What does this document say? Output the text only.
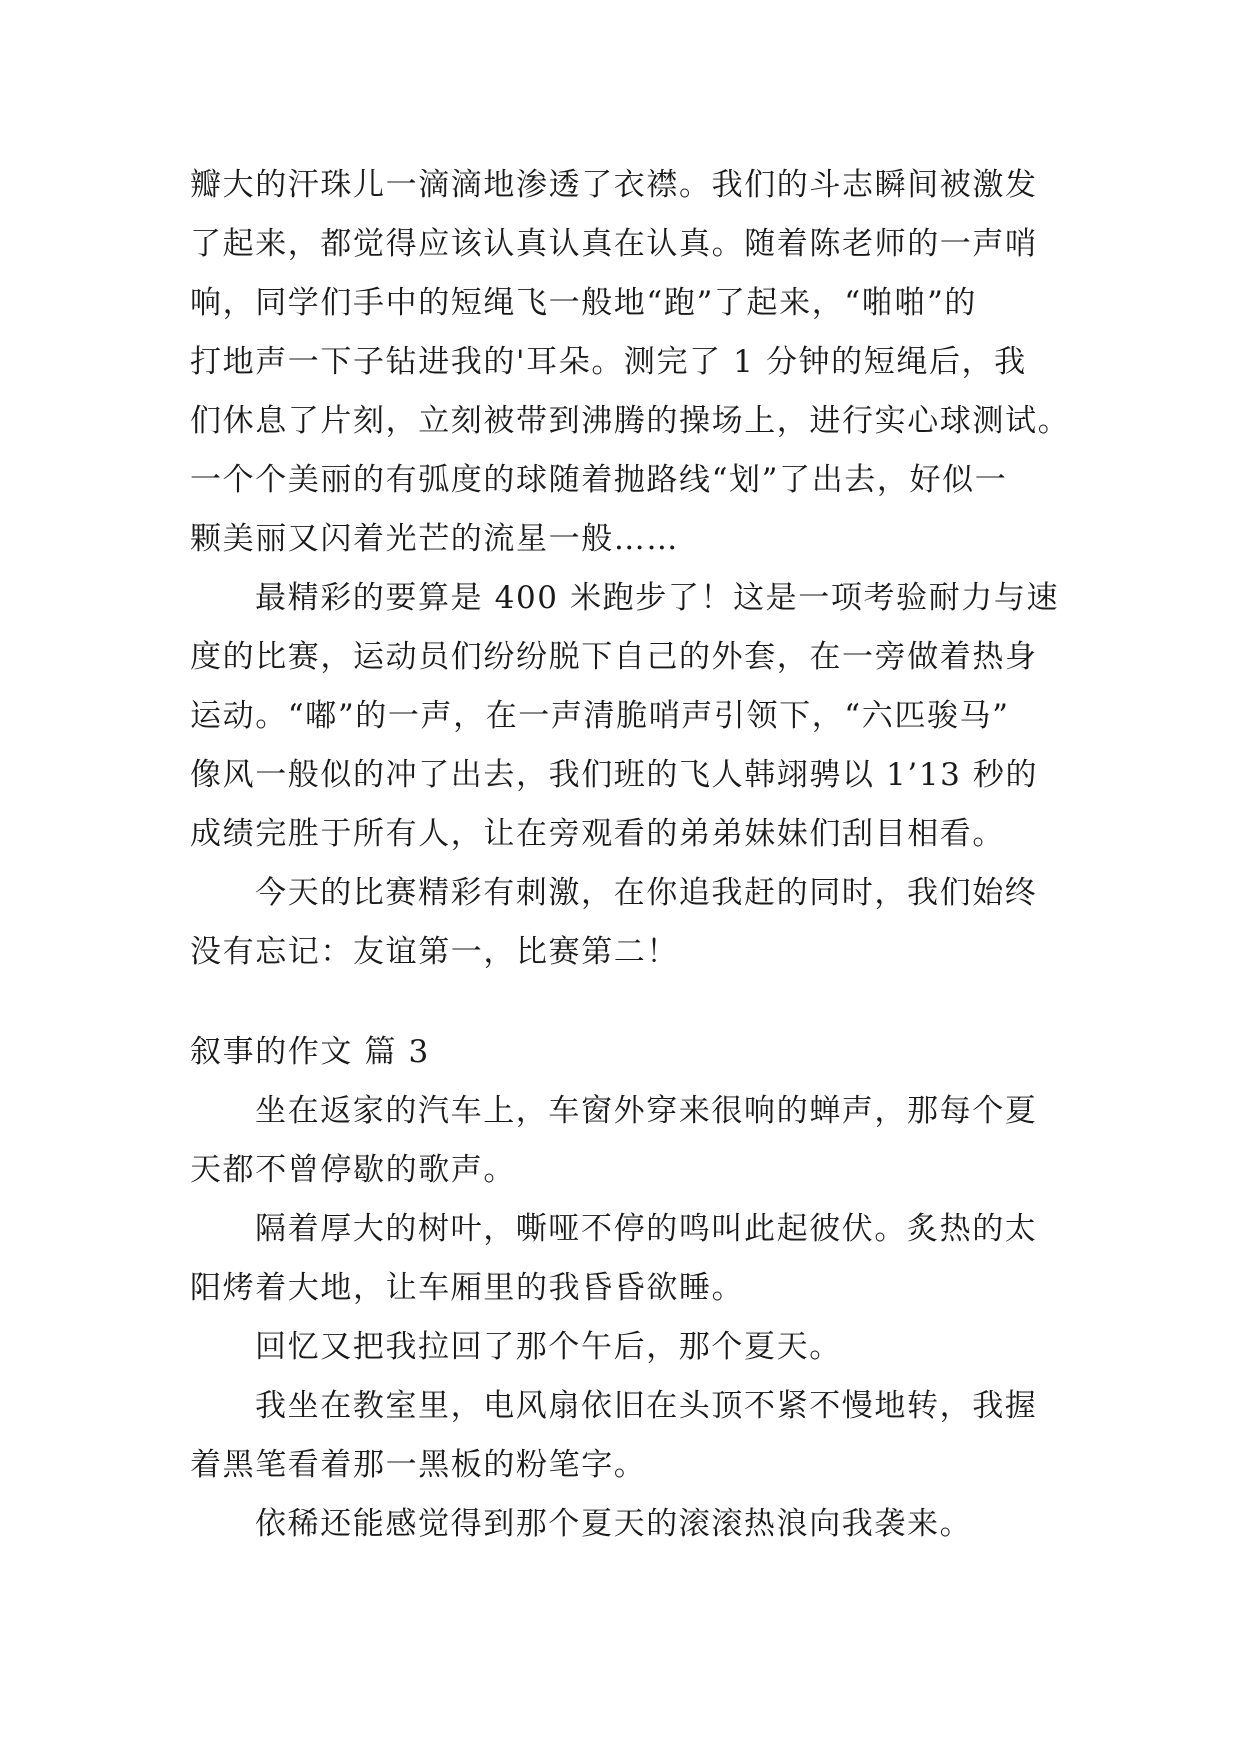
瓣大的汗珠儿一滴滴地渗透了衣襟。我们的斗志瞬间被激发
了起来，都觉得应该认真认真在认真。随着陈老师的一声哨
响，同学们手中的短绳飞一般地“跑”了起来，“啪啪”的
打地声一下子钻进我的'耳朵。测完了 1 分钟的短绳后，我
们休息了片刻，立刻被带到沸腾的操场上，进行实心球测试。
一个个美丽的有弧度的球随着抛路线“划”了出去，好似一
颗美丽又闪着光芒的流星一般……
最精彩的要算是 400 米跑步了！这是一项考验耐力与速
度的比赛，运动员们纷纷脱下自己的外套，在一旁做着热身
运动。“嘟”的一声，在一声清脆哨声引领下，“六匹骏马”
像风一般似的冲了出去，我们班的飞人韩翊骋以 1’13 秒的
成绩完胜于所有人，让在旁观看的弟弟妹妹们刮目相看。
今天的比赛精彩有刺激，在你追我赶的同时，我们始终
没有忘记：友谊第一，比赛第二！
叙事的作文 篇 3
坐在返家的汽车上，车窗外穿来很响的蝉声，那每个夏
天都不曾停歇的歌声。
隔着厚大的树叶，嘶哑不停的鸣叫此起彼伏。炙热的太
阳烤着大地，让车厢里的我昏昏欲睡。
回忆又把我拉回了那个午后，那个夏天。
我坐在教室里，电风扇依旧在头顶不紧不慢地转，我握
着黑笔看着那一黑板的粉笔字。
依稀还能感觉得到那个夏天的滚滚热浪向我袭来。
